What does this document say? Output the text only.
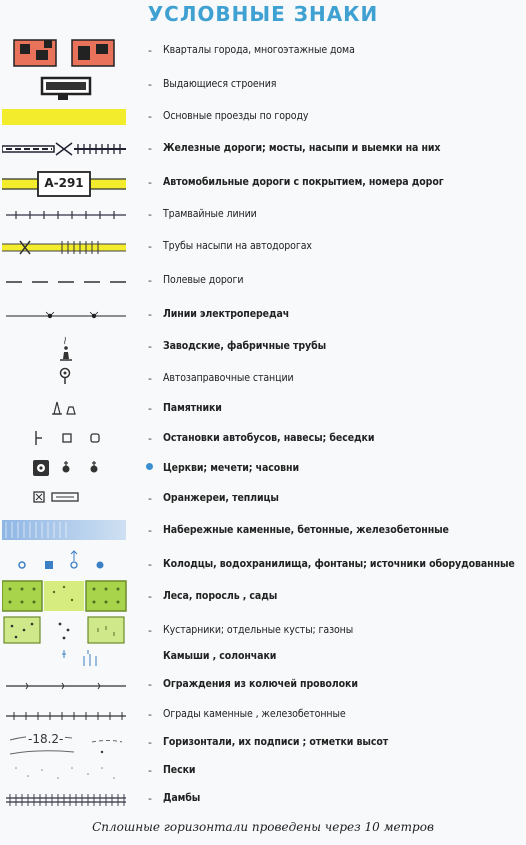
УСЛОВНЫЕ ЗНАКИ
- Кварталы города, многоэтажные дома
- Выдающиеся строения
- Основные проезды по городу
- Железные дороги; мосты, насыпи и выемки на них
А-291	- Автомобильные дороги с покрытием, номера дорог
- Трамвайные линии
- Трубы насыпи на автодорогах
- Полевые дороги
- Линии электропередач
- Заводские, фабричные трубы
- Автозаправочные станции
- Памятники
- Остановки автобусов, навесы; беседки
Церкви; мечети; часовни
- Оранжереи, теплицы
- Набережные каменные, бетонные, железобетонные
- Колодцы, водохранилища, фонтаны; источники оборудованные
- Леса, поросль , сады
- Кустарники; отдельные кусты; газоны
Камыши , солончаки
- Ограждения из колючей проволоки
- Ограды каменные , железобетонные
-18.2-	- Горизонтали, их подписи ; отметки высот
- Пески
- Дамбы
Сплошные горизонтали проведены через 10 метров
